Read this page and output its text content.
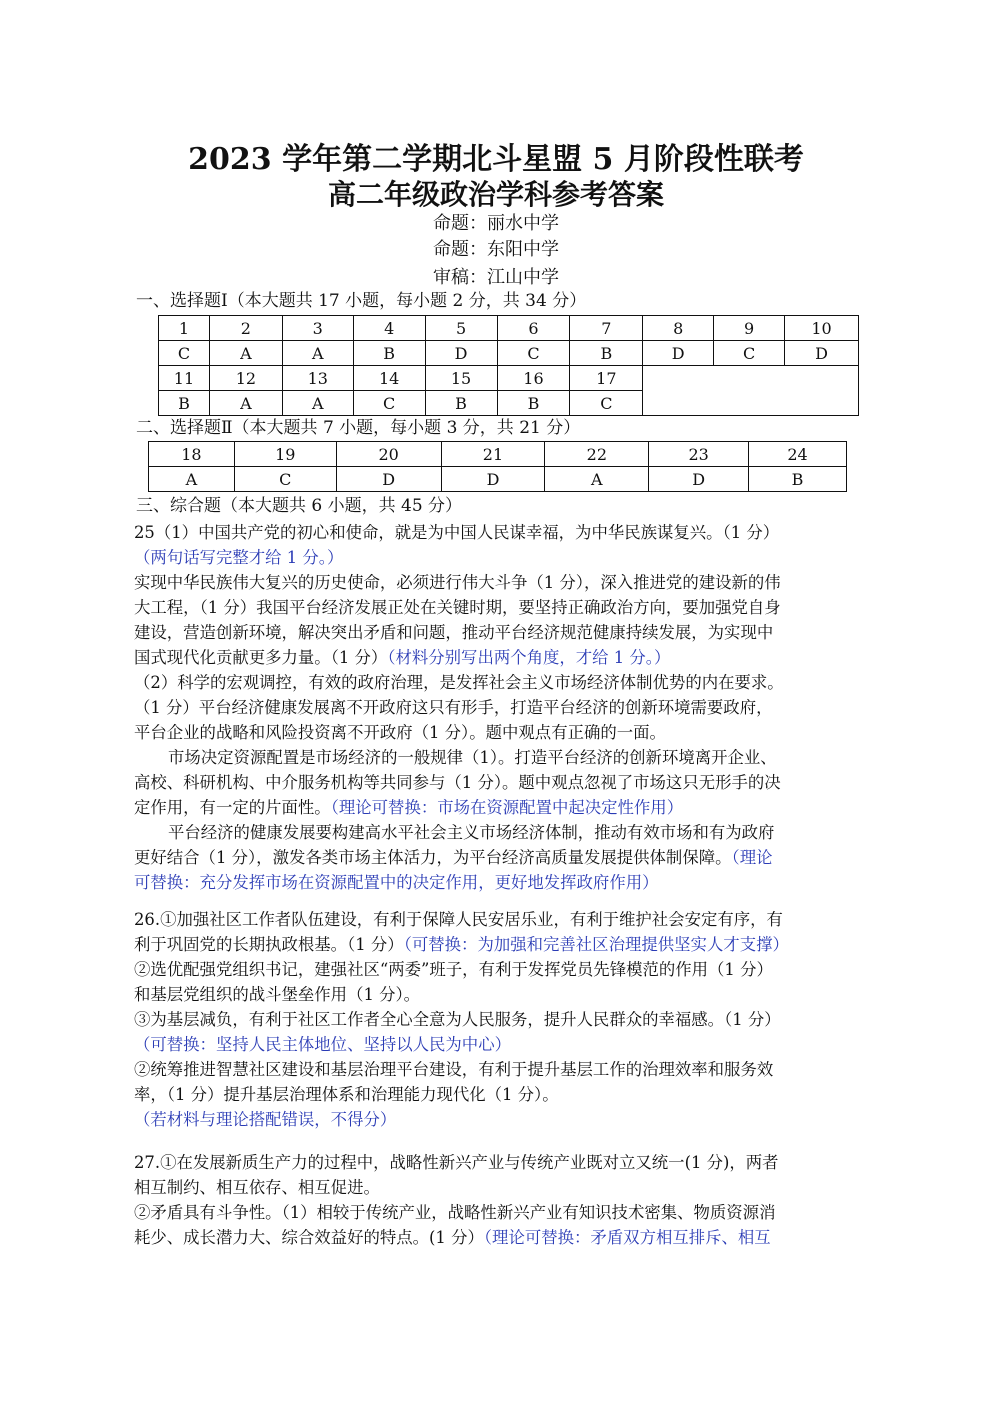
2023 学年第二学期北斗星盟 5 月阶段性联考
高二年级政治学科参考答案
命题：丽水中学
命题：东阳中学
审稿：江山中学
一、选择题Ⅰ（本大题共 17 小题，每小题 2 分，共 34 分）
1	2	3	4	5	6	7	8	9	10
C	A	A	B	D	C	B	D	C	D
11	12	13	14	15	16	17			
B	A	A	C	B	B	C			
二、选择题Ⅱ（本大题共 7 小题，每小题 3 分，共 21 分）
18	19	20	21	22	23	24
A	C	D	D	A	D	B
三、综合题（本大题共 6 小题，共 45 分）

25（1）中国共产党的初心和使命，就是为中国人民谋幸福，为中华民族谋复兴。（1 分）

（两句话写完整才给 1 分。）

实现中华民族伟大复兴的历史使命，必须进行伟大斗争（1 分），深入推进党的建设新的伟

大工程，（1 分）我国平台经济发展正处在关键时期，要坚持正确政治方向，要加强党自身

建设，营造创新环境，解决突出矛盾和问题，推动平台经济规范健康持续发展，为实现中

国式现代化贡献更多力量。（1 分）（材料分别写出两个角度，才给 1 分。）

（2）科学的宏观调控，有效的政府治理，是发挥社会主义市场经济体制优势的内在要求。

（1 分）平台经济健康发展离不开政府这只有形手，打造平台经济的创新环境需要政府，

平台企业的战略和风险投资离不开政府（1 分）。题中观点有正确的一面。

市场决定资源配置是市场经济的一般规律（1）。打造平台经济的创新环境离开企业、

高校、科研机构、中介服务机构等共同参与（1 分）。题中观点忽视了市场这只无形手的决

定作用，有一定的片面性。（理论可替换：市场在资源配置中起决定性作用）

平台经济的健康发展要构建高水平社会主义市场经济体制，推动有效市场和有为政府

更好结合（1 分），激发各类市场主体活力，为平台经济高质量发展提供体制保障。（理论

可替换：充分发挥市场在资源配置中的决定作用，更好地发挥政府作用）

26.①加强社区工作者队伍建设，有利于保障人民安居乐业，有利于维护社会安定有序，有

利于巩固党的长期执政根基。（1 分）（可替换：为加强和完善社区治理提供坚实人才支撑）

②选优配强党组织书记，建强社区“两委”班子，有利于发挥党员先锋模范的作用（1 分）

和基层党组织的战斗堡垒作用（1 分）。

③为基层减负，有利于社区工作者全心全意为人民服务，提升人民群众的幸福感。（1 分）

（可替换：坚持人民主体地位、坚持以人民为中心）

②统筹推进智慧社区建设和基层治理平台建设，有利于提升基层工作的治理效率和服务效

率，（1 分）提升基层治理体系和治理能力现代化（1 分）。

（若材料与理论搭配错误，不得分）

27.①在发展新质生产力的过程中，战略性新兴产业与传统产业既对立又统一(1 分)，两者

相互制约、相互依存、相互促进。

②矛盾具有斗争性。（1）相较于传统产业，战略性新兴产业有知识技术密集、物质资源消

耗少、成长潜力大、综合效益好的特点。(1 分）（理论可替换：矛盾双方相互排斥、相互
